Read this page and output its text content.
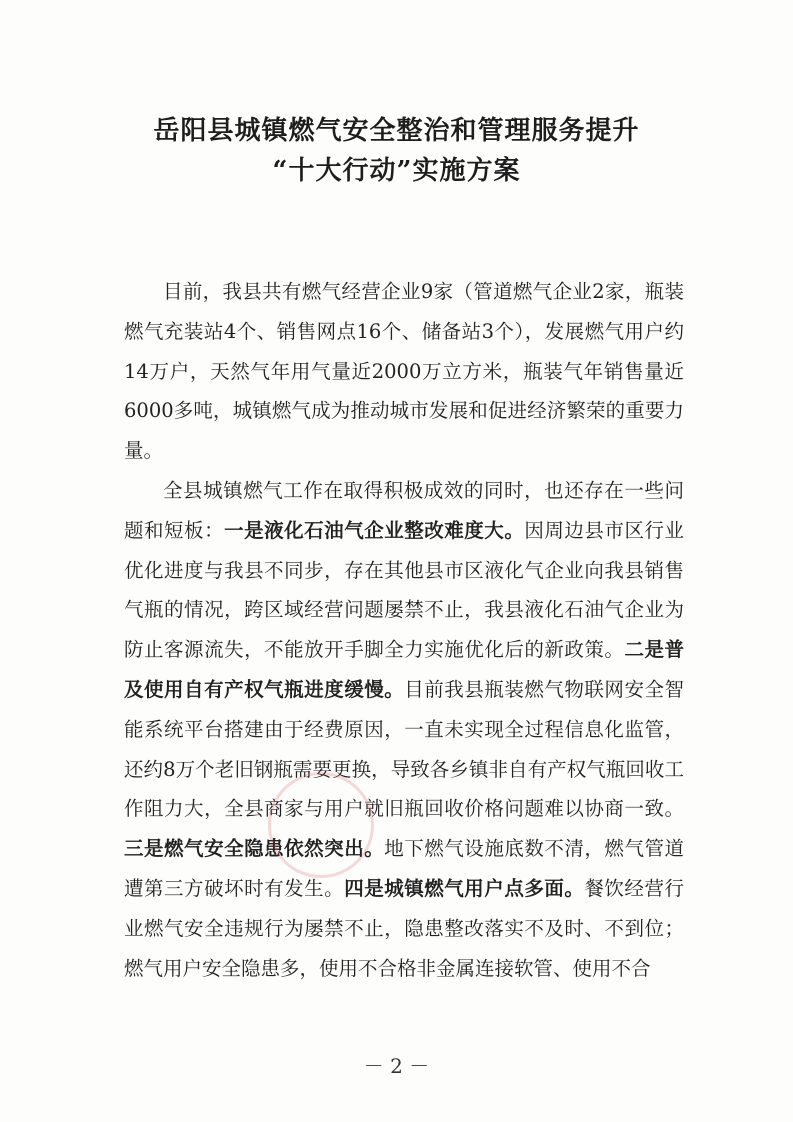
岳阳县城镇燃气安全整治和管理服务提升
“十大行动”实施方案

目前，我县共有燃气经营企业9家（管道燃气企业2家，瓶装燃气充装站4个、销售网点16个、储备站3个），发展燃气用户约14万户，天然气年用气量近2000万立方米，瓶装气年销售量近6000多吨，城镇燃气成为推动城市发展和促进经济繁荣的重要力量。

全县城镇燃气工作在取得积极成效的同时，也还存在一些问题和短板：一是液化石油气企业整改难度大。因周边县市区行业优化进度与我县不同步，存在其他县市区液化气企业向我县销售气瓶的情况，跨区域经营问题屡禁不止，我县液化石油气企业为防止客源流失，不能放开手脚全力实施优化后的新政策。二是普及使用自有产权气瓶进度缓慢。目前我县瓶装燃气物联网安全智能系统平台搭建由于经费原因，一直未实现全过程信息化监管，还约8万个老旧钢瓶需要更换，导致各乡镇非自有产权气瓶回收工作阻力大，全县商家与用户就旧瓶回收价格问题难以协商一致。三是燃气安全隐患依然突出。地下燃气设施底数不清，燃气管道遭第三方破坏时有发生。四是城镇燃气用户点多面。餐饮经营行业燃气安全违规行为屡禁不止，隐患整改落实不及时、不到位；燃气用户安全隐患多，使用不合格非金属连接软管、使用不合

－ 2 －
